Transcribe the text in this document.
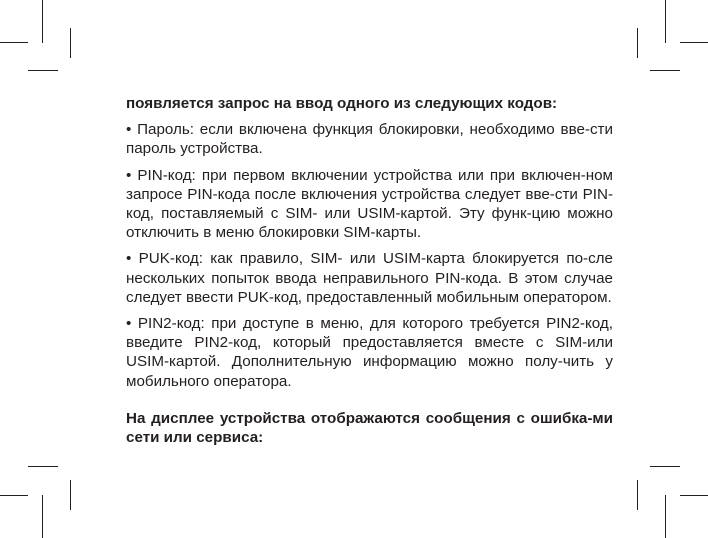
появляется запрос на ввод одного из следующих кодов:

• Пароль: если включена функция блокировки, необходимо вве-сти пароль устройства.

• PIN-код: при первом включении устройства или при включен-ном запросе PIN-кода после включения устройства следует вве-сти PIN-код, поставляемый с SIM- или USIM-картой. Эту функ-цию можно отключить в меню блокировки SIM-карты.

• PUK-код: как правило, SIM- или USIM-карта блокируется по-сле нескольких попыток ввода неправильного PIN-кода. В этом случае следует ввести PUK-код, предоставленный мобильным оператором.

• PIN2-код: при доступе в меню, для которого требуется PIN2-код, введите PIN2-код, который предоставляется вместе с SIM-или USIM-картой. Дополнительную информацию можно полу-чить у мобильного оператора.

На дисплее устройства отображаются сообщения с ошибка-ми сети или сервиса:
